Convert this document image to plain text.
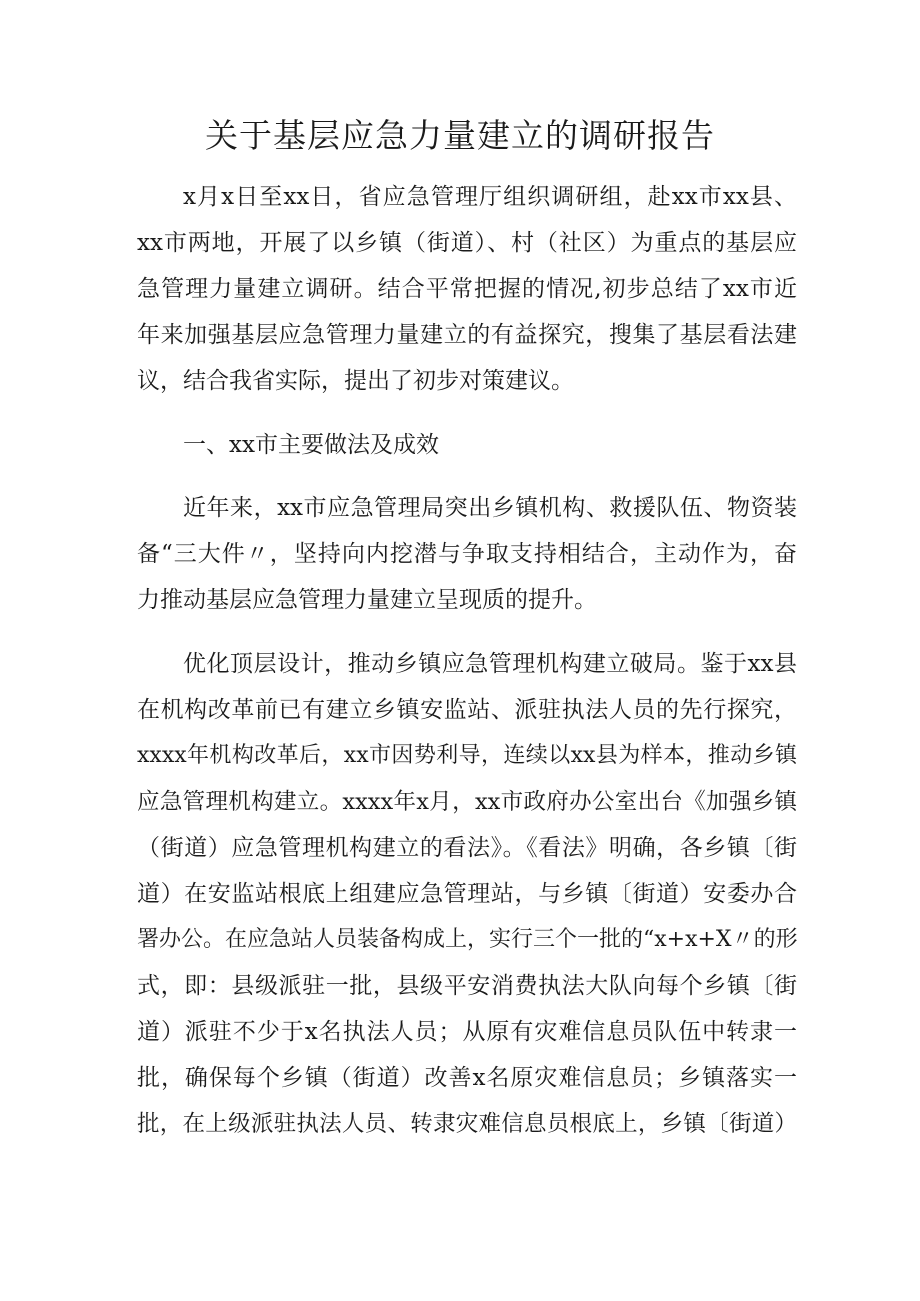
关于基层应急力量建立的调研报告
x月x日至xx日，省应急管理厅组织调研组，赴xx市xx县、
xx市两地，开展了以乡镇（街道）、村（社区）为重点的基层应
急管理力量建立调研。结合平常把握的情况,初步总结了xx市近
年来加强基层应急管理力量建立的有益探究，搜集了基层看法建
议，结合我省实际，提出了初步对策建议。
一、xx市主要做法及成效
近年来，xx市应急管理局突出乡镇机构、救援队伍、物资装
备“三大件〃，坚持向内挖潜与争取支持相结合，主动作为，奋
力推动基层应急管理力量建立呈现质的提升。
优化顶层设计，推动乡镇应急管理机构建立破局。鉴于xx县
在机构改革前已有建立乡镇安监站、派驻执法人员的先行探究，
xxxx年机构改革后，xx市因势利导，连续以xx县为样本，推动乡镇
应急管理机构建立。xxxx年x月，xx市政府办公室出台《加强乡镇
（街道）应急管理机构建立的看法》。《看法》明确，各乡镇〔街
道）在安监站根底上组建应急管理站，与乡镇〔街道）安委办合
署办公。在应急站人员装备构成上，实行三个一批的“x+x+X〃的形
式，即：县级派驻一批，县级平安消费执法大队向每个乡镇〔街
道）派驻不少于x名执法人员；从原有灾难信息员队伍中转隶一
批，确保每个乡镇（街道）改善x名原灾难信息员；乡镇落实一
批，在上级派驻执法人员、转隶灾难信息员根底上，乡镇〔街道）
